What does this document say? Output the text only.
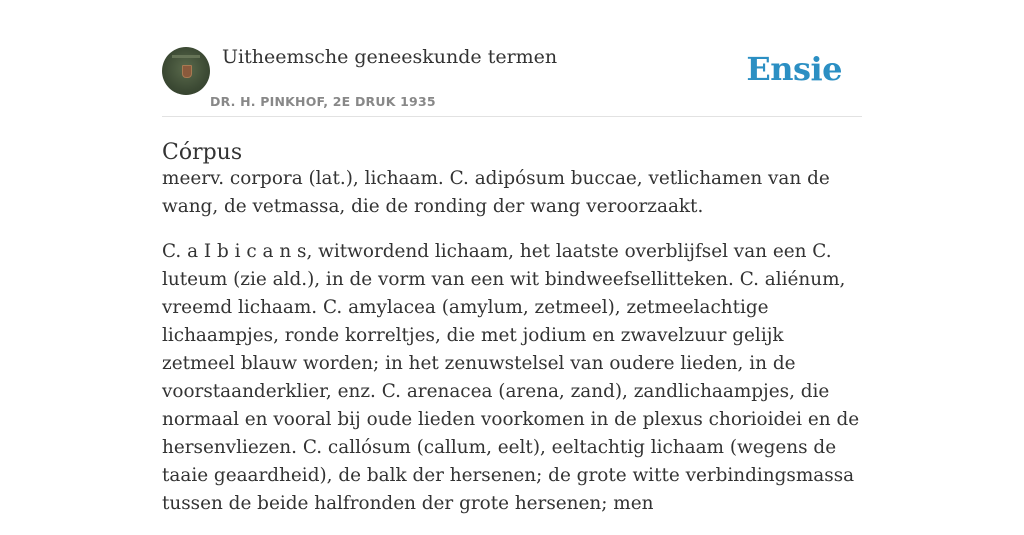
Uitheemsche geneeskunde termen
DR. H. PINKHOF, 2E DRUK 1935
Ensie
Córpus

meerv. corpora (lat.), lichaam. C. adipósum buccae, vetlichamen van de wang, de vetmassa, die de ronding der wang veroorzaakt.

C. a I b i c a n s, witwordend lichaam, het laatste overblijfsel van een C. luteum (zie ald.), in de vorm van een wit bindweefsellitteken. C. aliénum, vreemd lichaam. C. amylacea (amylum, zetmeel), zetmeelachtige lichaampjes, ronde korreltjes, die met jodium en zwavelzuur gelijk zetmeel blauw worden; in het zenuwstelsel van oudere lieden, in de voorstaanderklier, enz. C. arenacea (arena, zand), zandlichaampjes, die normaal en vooral bij oude lieden voorkomen in de plexus chorioidei en de hersenvliezen. C. callósum (callum, eelt), eeltachtig lichaam (wegens de taaie geaardheid), de balk der hersenen; de grote witte verbindingsmassa tussen de beide halfronden der grote hersenen; men
